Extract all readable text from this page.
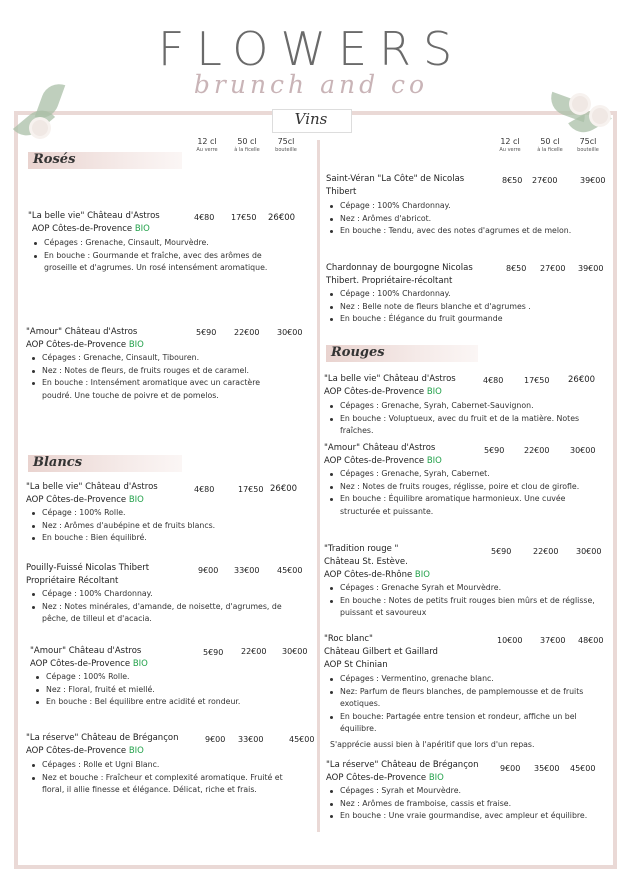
FLOWERS
brunch and co
Vins
12 cl
Au verre
50 cl
à la ficelle
75cl
bouteille
12 cl
Au verre
50 cl
à la ficelle
75cl
bouteille
Rosés
Blancs
Rouges
"La belle vie" Château d'Astros
AOP Côtes-de-Provence BIO
4€80 17€50 26€00
Cépages : Grenache, Cinsault, Mourvèdre.
En bouche : Gourmande et fraîche, avec des arômes de groseille et d'agrumes. Un rosé intensément aromatique.
"Amour" Château d'Astros
AOP Côtes-de-Provence BIO
5€90 22€00 30€00
Cépages : Grenache, Cinsault, Tibouren.
Nez : Notes de fleurs, de fruits rouges et de caramel.
En bouche : Intensément aromatique avec un caractère poudré. Une touche de poivre et de pomelos.
"La belle vie" Château d'Astros
AOP Côtes-de-Provence BIO
4€80	17€50 26€00
Cépage : 100% Rolle.
Nez : Arômes d'aubépine et de fruits blancs.
En bouche : Bien équilibré.
Pouilly-Fuissé Nicolas Thibert Propriétaire Récoltant
9€00 33€00 45€00
Cépage : 100% Chardonnay.
Nez : Notes minérales, d'amande, de noisette, d'agrumes, de pêche, de tilleul et d'acacia.
"Amour" Château d'Astros
AOP Côtes-de-Provence BIO
5€90 22€00 30€00
Cépage : 100% Rolle.
Nez : Floral, fruité et miellé.
En bouche : Bel équilibre entre acidité et rondeur.
"La réserve" Château de Brégançon
AOP Côtes-de-Provence BIO
9€00 33€00	45€00
Cépages : Rolle et Ugni Blanc.
Nez et bouche : Fraîcheur et complexité aromatique. Fruité et floral, il allie finesse et élégance. Délicat, riche et frais.
Saint-Véran "La Côte" de Nicolas Thibert
8€50 27€00	39€00
Cépage : 100% Chardonnay.
Nez : Arômes d'abricot.
En bouche : Tendu, avec des notes d'agrumes et de melon.
Chardonnay de bourgogne Nicolas Thibert. Propriétaire-récoltant
8€50 27€00 39€00
Cépage : 100% Chardonnay.
Nez : Belle note de fleurs blanche et d'agrumes .
En bouche : Élégance du fruit gourmande
"La belle vie" Château d'Astros
AOP Côtes-de-Provence BIO
4€80	17€50 26€00
Cépages : Grenache, Syrah, Cabernet-Sauvignon.
En bouche : Voluptueux, avec du fruit et de la matière. Notes fraîches.
"Amour" Château d'Astros
AOP Côtes-de-Provence BIO
5€90 22€00	30€00
Cépages : Grenache, Syrah, Cabernet.
Nez : Notes de fruits rouges, réglisse, poire et clou de girofle.
En bouche : Équilibre aromatique harmonieux. Une cuvée structurée et puissante.
"Tradition rouge "
Château St. Estève.
AOP Côtes-de-Rhône BIO
5€90	22€00 30€00
Cépages : Grenache Syrah et Mourvèdre.
En bouche : Notes de petits fruit rouges bien mûrs et de réglisse, puissant et savoureux
"Roc blanc"
Château Gilbert et Gaillard
AOP St Chinian
10€00 37€00 48€00
Cépages : Vermentino, grenache blanc.
Nez: Parfum de fleurs blanches, de pamplemousse et de fruits exotiques.
En bouche: Partagée entre tension et rondeur, affiche un bel équilibre.
S'apprécie aussi bien à l'apéritif que lors d'un repas.
"La réserve" Château de Brégançon
AOP Côtes-de-Provence BIO
9€00 35€00 45€00
Cépages : Syrah et Mourvèdre.
Nez : Arômes de framboise, cassis et fraise.
En bouche : Une vraie gourmandise, avec ampleur et équilibre.
